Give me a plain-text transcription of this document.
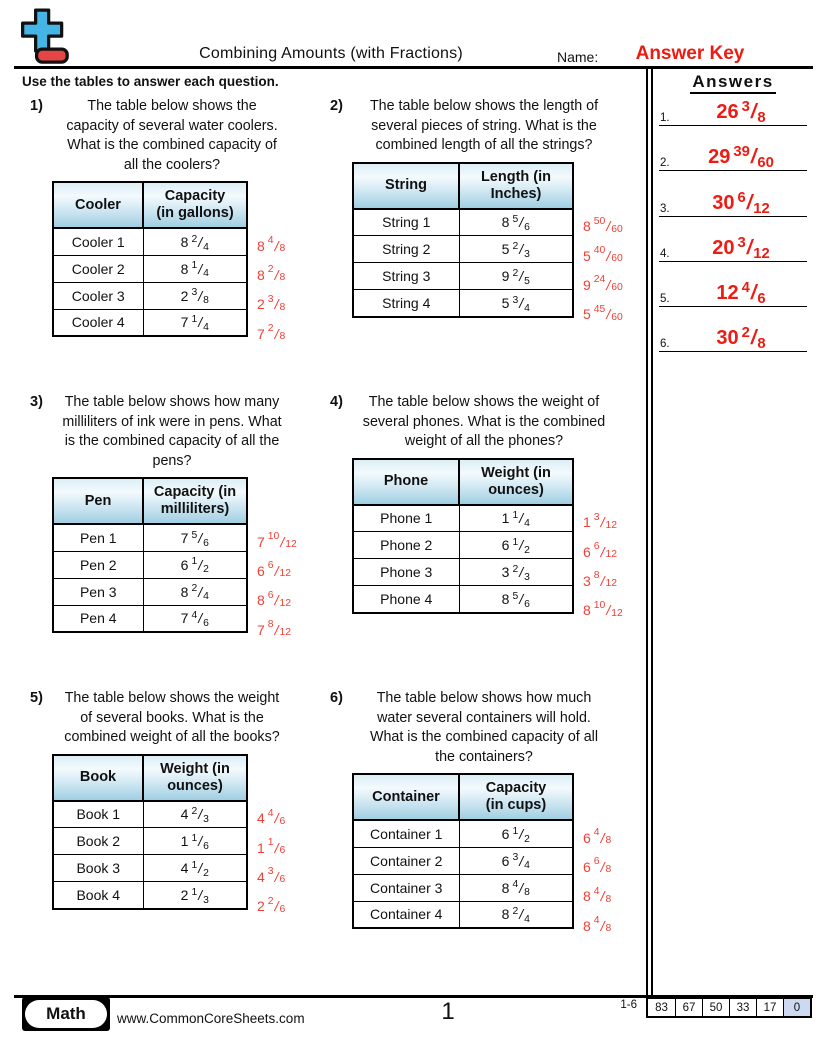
Combining Amounts (with Fractions)	Name:	Answer Key
Use the tables to answer each question.
1)	The table below shows the
capacity of several water coolers.
What is the combined capacity of
all the coolers?
Cooler	Capacity
(in gallons)
Cooler 1	8 $^2/_4$
Cooler 2	8 $^1/_4$
Cooler 3	2 $^3/_8$
Cooler 4	7 $^1/_4$
8 4 / 8
8 2 / 8
2 3 / 8
7 2 / 8
2)	The table below shows the length of
several pieces of string. What is the
combined length of all the strings?
String	Length (in
Inches)
String 1	8 $^5/_6$
String 2	5 $^2/_3$
String 3	9 $^2/_5$
String 4	5 $^3/_4$
8 50 / 60
5 40 / 60
9 24 / 60
5 45 / 60
3)	The table below shows how many
milliliters of ink were in pens. What
is the combined capacity of all the
pens?
Pen	Capacity (in
milliliters)
Pen 1	7 $^5/_6$
Pen 2	6 $^1/_2$
Pen 3	8 $^2/_4$
Pen 4	7 $^4/_6$
7 10 / 12
6 6 / 12
8 6 / 12
7 8 / 12
4)	The table below shows the weight of
several phones. What is the combined
weight of all the phones?
Phone	Weight (in
ounces)
Phone 1	1 $^1/_4$
Phone 2	6 $^1/_2$
Phone 3	3 $^2/_3$
Phone 4	8 $^5/_6$
1 3 / 12
6 6 / 12
3 8 / 12
8 10 / 12
5)	The table below shows the weight
of several books. What is the
combined weight of all the books?
Book	Weight (in
ounces)
Book 1	4 $^2/_3$
Book 2	1 $^1/_6$
Book 3	4 $^1/_2$
Book 4	2 $^1/_3$
4 4 / 6
1 1 / 6
4 3 / 6
2 2 / 6
6)	The table below shows how much
water several containers will hold.
What is the combined capacity of all
the containers?
Container	Capacity
(in cups)
Container 1	6 $^1/_2$
Container 2	6 $^3/_4$
Container 3	8 $^4/_8$
Container 4	8 $^2/_4$
6 4 / 8
6 6 / 8
8 4 / 8
8 4 / 8
Answers
1.	26 $^3/_8$
2.	29 $^{39}/_{60}$
3.	30 $^6/_{12}$
4.	20 $^3/_{12}$
5.	12 $^4/_6$
6.	30 $^2/_8$
Math	www.CommonCoreSheets.com	1	1-6	83	67	50	33	17	0
